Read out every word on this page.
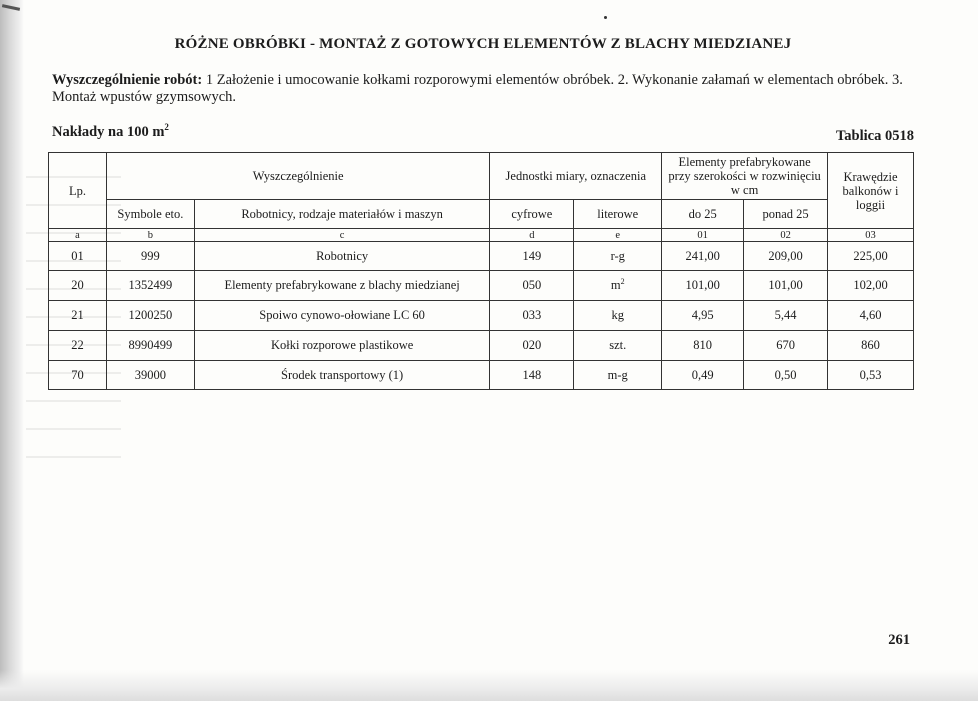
RÓŻNE OBRÓBKI - MONTAŻ Z GOTOWYCH ELEMENTÓW Z BLACHY MIEDZIANEJ
Wyszczególnienie robót: 1 Założenie i umocowanie kołkami rozporowymi elementów obróbek. 2. Wykonanie załamań w elementach obróbek. 3. Montaż wpustów gzymsowych.
Nakłady na 100 $m^2$
Tablica 0518
Lp.	Wyszczególnienie		Jednostki miary, oznaczenia		Elementy prefabrykowane przy szerokości w rozwinięciu w cm		Krawędzie balkonów i loggii
	Symbole eto.	Robotnicy, rodzaje materiałów i maszyn	cyfrowe	literowe	do 25	ponad 25	
a	b	c	d	e	01	02	03
01	999	Robotnicy	149	r-g	241,00	209,00	225,00
20	1352499	Elementy prefabrykowane z blachy miedzianej	050	$m^2$	101,00	101,00	102,00
21	1200250	Spoiwo cynowo-ołowiane LC 60	033	kg	4,95	5,44	4,60
22	8990499	Kołki rozporowe plastikowe	020	szt.	810	670	860
70	39000	Środek transportowy (1)	148	m-g	0,49	0,50	0,53
261
